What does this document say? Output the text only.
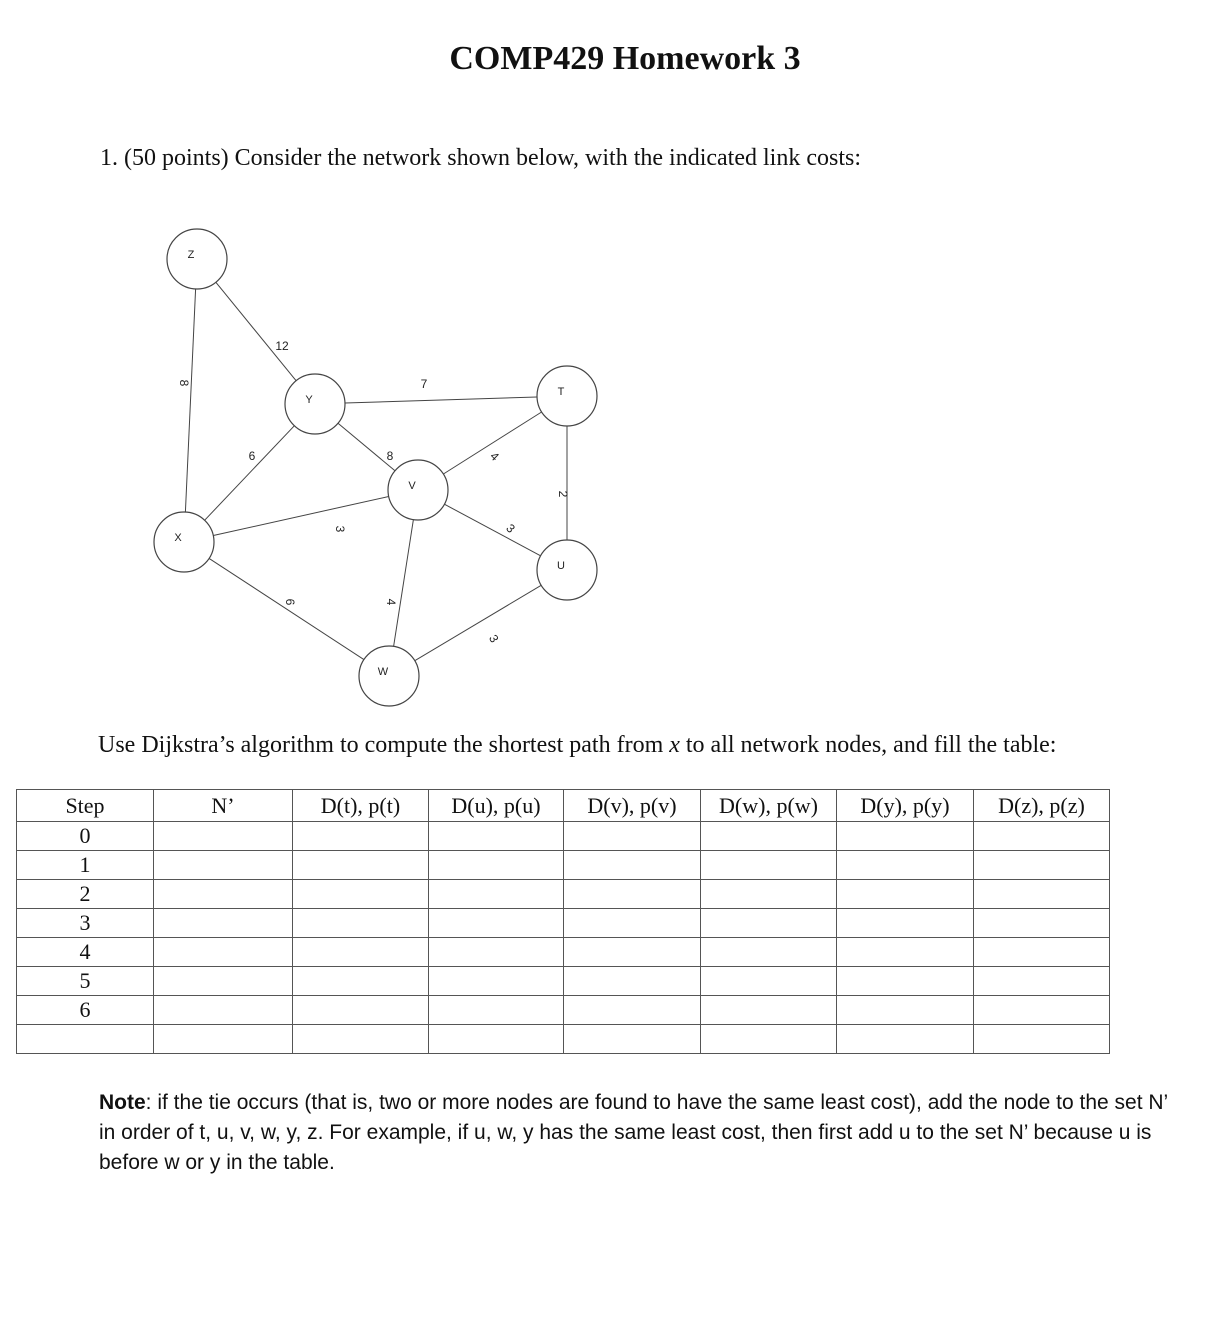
COMP429 Homework 3
1. (50 points) Consider the network shown below, with the indicated link costs:
8
12
7
6	8	4
2
3	3
6	4
3
Z
Y
T
V
X
U
W
Use Dijkstra’s algorithm to compute the shortest path from x to all network nodes, and fill the table:
Step	N’	D(t), p(t)	D(u), p(u)	D(v), p(v)	D(w), p(w)	D(y), p(y)	D(z), p(z)
0							
1							
2							
3							
4							
5							
6							

Note: if the tie occurs (that is, two or more nodes are found to have the same least cost), add the node to the set N’ in order of t, u, v, w, y, z. For example, if u, w, y has the same least cost, then first add u to the set N’ because u is before w or y in the table.
